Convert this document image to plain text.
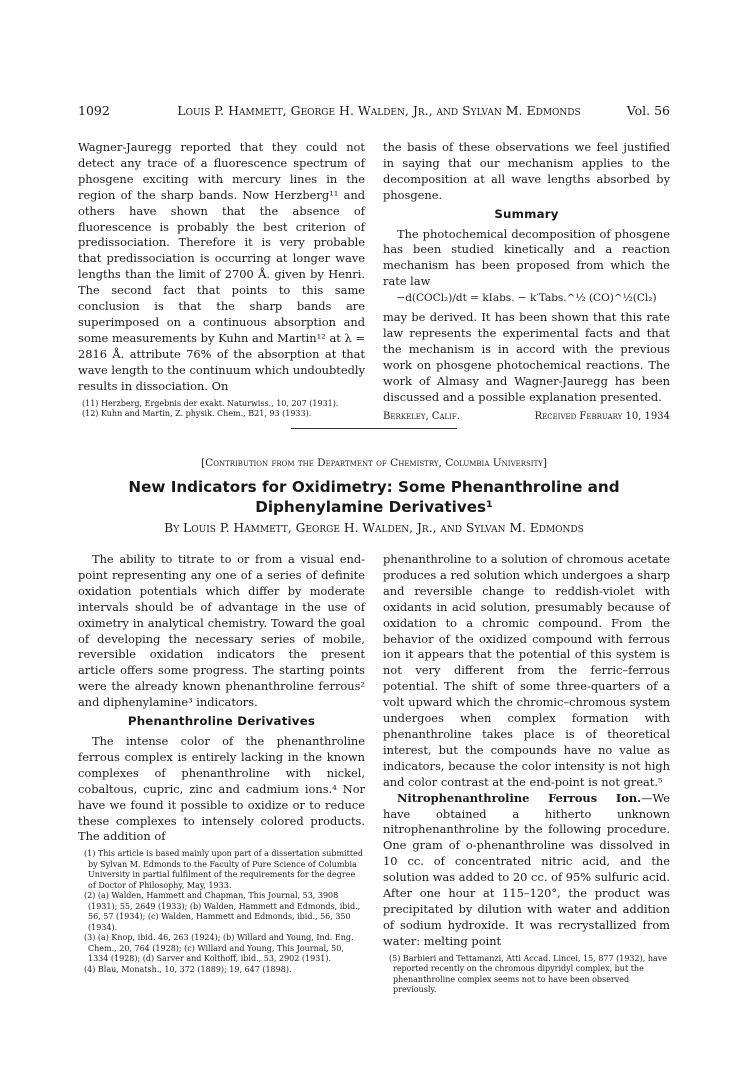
1092	Louis P. Hammett, George H. Walden, Jr., and Sylvan M. Edmonds	Vol. 56

Wagner-Jauregg reported that they could not detect any trace of a fluorescence spectrum of phosgene exciting with mercury lines in the region of the sharp bands. Now Herzberg¹¹ and others have shown that the absence of fluorescence is probably the best criterion of predissociation. Therefore it is very probable that predissociation is occurring at longer wave lengths than the limit of 2700 Å. given by Henri. The second fact that points to this same conclusion is that the sharp bands are superimposed on a continuous absorption and some measurements by Kuhn and Martin¹² at λ = 2816 Å. attribute 76% of the absorption at that wave length to the continuum which undoubtedly results in dissociation. On

(11) Herzberg, Ergebnis der exakt. Naturwiss., 10, 207 (1931).
(12) Kuhn and Martin, Z. physik. Chem., B21, 93 (1933).

the basis of these observations we feel justified in saying that our mechanism applies to the decomposition at all wave lengths absorbed by phosgene.

Summary

The photochemical decomposition of phosgene has been studied kinetically and a reaction mechanism has been proposed from which the rate law

−d(COCl₂)/dt = kIabs. − k′Tabs.^½ (CO)^½(Cl₂)

may be derived. It has been shown that this rate law represents the experimental facts and that the mechanism is in accord with the previous work on phosgene photochemical reactions. The work of Almasy and Wagner-Jauregg has been discussed and a possible explanation presented.

Berkeley, Calif.	Received February 10, 1934
[Contribution from the Department of Chemistry, Columbia University]
New Indicators for Oxidimetry: Some Phenanthroline and Diphenylamine Derivatives¹
By Louis P. Hammett, George H. Walden, Jr., and Sylvan M. Edmonds

The ability to titrate to or from a visual end-point representing any one of a series of definite oxidation potentials which differ by moderate intervals should be of advantage in the use of oximetry in analytical chemistry. Toward the goal of developing the necessary series of mobile, reversible oxidation indicators the present article offers some progress. The starting points were the already known phenanthroline ferrous² and diphenylamine³ indicators.

Phenanthroline Derivatives

The intense color of the phenanthroline ferrous complex is entirely lacking in the known complexes of phenanthroline with nickel, cobaltous, cupric, zinc and cadmium ions.⁴ Nor have we found it possible to oxidize or to reduce these complexes to intensely colored products. The addition of

(1) This article is based mainly upon part of a dissertation submitted by Sylvan M. Edmonds to the Faculty of Pure Science of Columbia University in partial fulfilment of the requirements for the degree of Doctor of Philosophy, May, 1933.
(2) (a) Walden, Hammett and Chapman, This Journal, 53, 3908 (1931); 55, 2649 (1933); (b) Walden, Hammett and Edmonds, ibid., 56, 57 (1934); (c) Walden, Hammett and Edmonds, ibid., 56, 350 (1934).
(3) (a) Knop, ibid. 46, 263 (1924); (b) Willard and Young, Ind. Eng. Chem., 20, 764 (1928); (c) Willard and Young, This Journal, 50, 1334 (1928); (d) Sarver and Kolthoff, ibid., 53, 2902 (1931).
(4) Blau, Monatsh., 10, 372 (1889); 19, 647 (1898).

phenanthroline to a solution of chromous acetate produces a red solution which undergoes a sharp and reversible change to reddish-violet with oxidants in acid solution, presumably because of oxidation to a chromic compound. From the behavior of the oxidized compound with ferrous ion it appears that the potential of this system is not very different from the ferric–ferrous potential. The shift of some three-quarters of a volt upward which the chromic–chromous system undergoes when complex formation with phenanthroline takes place is of theoretical interest, but the compounds have no value as indicators, because the color intensity is not high and color contrast at the end-point is not great.⁵

Nitrophenanthroline Ferrous Ion.—We have obtained a hitherto unknown nitrophenanthroline by the following procedure. One gram of o-phenanthroline was dissolved in 10 cc. of concentrated nitric acid, and the solution was added to 20 cc. of 95% sulfuric acid. After one hour at 115–120°, the product was precipitated by dilution with water and addition of sodium hydroxide. It was recrystallized from water: melting point

(5) Barbieri and Tettamanzi, Atti Accad. Lincei, 15, 877 (1932), have reported recently on the chromous dipyridyl complex, but the phenanthroline complex seems not to have been observed previously.
